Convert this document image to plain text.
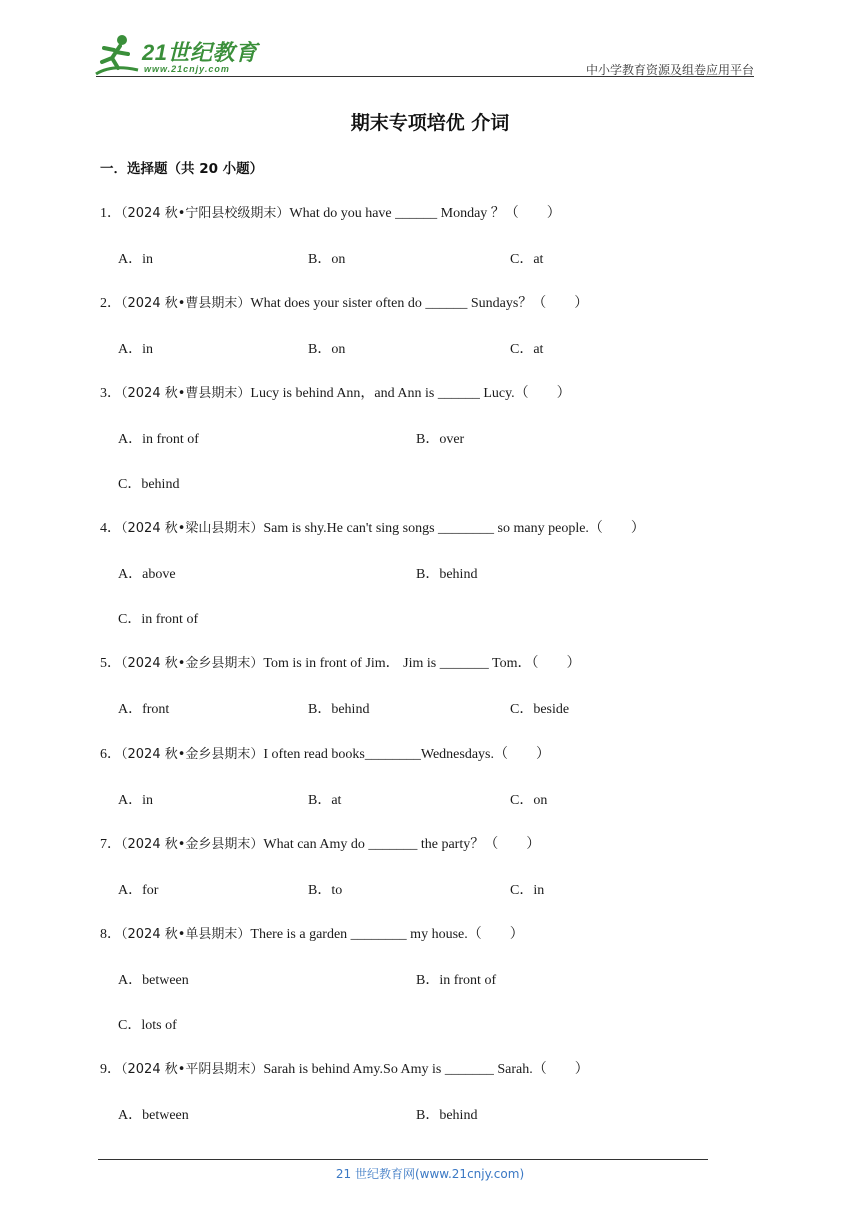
21世纪教育
www.21cnjy.com	中小学教育资源及组卷应用平台
期末专项培优 介词
一．选择题（共 20 小题）
1．（2024 秋•宁阳县校级期末）What do you have ______ Monday ？（　　）
A．in	B．on	C．at
2．（2024 秋•曹县期末）What does your sister often do ______ Sundays？（　　）
A．in	B．on	C．at
3．（2024 秋•曹县期末）Lucy is behind Ann，and Ann is ______ Lucy.（　　）
A．in front of	B．over
C．behind
4．（2024 秋•梁山县期末）Sam is shy.He can't sing songs ________ so many people.（　　）
A．above	B．behind
C．in front of
5．（2024 秋•金乡县期末）Tom is in front of Jim． Jim is _______ Tom．（　　）
A．front	B．behind	C．beside
6．（2024 秋•金乡县期末）I often read books________Wednesdays.（　　）
A．in	B．at	C．on
7．（2024 秋•金乡县期末）What can Amy do _______ the party？（　　）
A．for	B．to	C．in
8．（2024 秋•单县期末）There is a garden ________ my house.（　　）
A．between	B．in front of
C．lots of
9．（2024 秋•平阴县期末）Sarah is behind Amy.So Amy is _______ Sarah.（　　）
A．between	B．behind
21 世纪教育网(www.21cnjy.com)
